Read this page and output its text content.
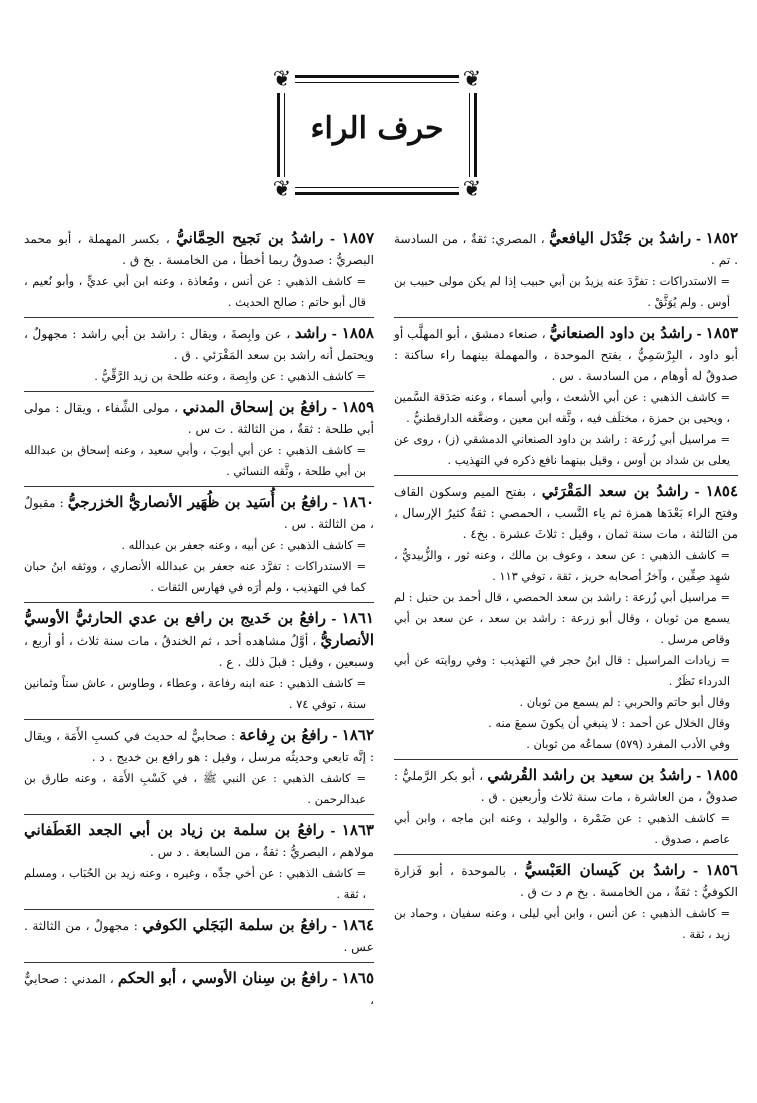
❦	❦
❦	❦
حرف الراء
١٨٥٢ - راشدُ بن جَنْدَل اليافعيُّ ، المصري: ثقةٌ ، من السادسة . تم .
= الاستدراكات : تفرَّدَ عنه يزيدُ بن أبي حبيب إذا لم يكن مولى حبيب بن أوس . ولم يُوَثَّقْ .
١٨٥٣ - راشدُ بن داود الصنعانيُّ ، صنعاء دمشق ، أبو المهلَّب أو أبو داود ، البِرْسَمِيُّ ، بفتح الموحدة ، والمهملة بينهما راء ساكنة : صدوقٌ له أوهام ، من السادسة . س .
= كاشف الذهبي : عن أبي الأشعث ، وأبي أسماء ، وعنه صَدَقة السَّمين ، ويحيى بن حمزة ، مختلَف فيه ، وثَّقه ابن معين ، وضعَّفه الدارقطنيُّ .
= مراسيل أبي زُرعة : راشد بن داود الصنعاني الدمشقي (ز) ، روى عن يعلى بن شداد بن أوس ، وقيل بينهما نافع ذكره في التهذيب .
١٨٥٤ - راشدُ بن سعد المَقْرَئي ، بفتح الميم وسكون القاف وفتح الراء بَعْدَها همزة ثم ياء النَّسب ، الحمصي : ثقةٌ كثيرُ الإرسال ، من الثالثة ، مات سنة ثمان ، وقيل : ثلاثَ عشرة . بخ٤ .
= كاشف الذهبي : عن سعد ، وعوف بن مالك ، وعنه ثور ، والزُّبيديُّ ، شهِد صِفِّين ، وآخرُ أصحابه حريز ، ثقة ، توفي ١١٣ .
= مراسيل أبي زُرعة : راشد بن سعد الحمصي ، قال أحمد بن حنبل : لم يسمع من ثوبان ، وقال أبو زرعة : راشد بن سعد ، عن سعد بن أبي وقاص مرسل .
= زيادات المراسيل : قال ابنُ حجر في التهذيب : وفي روايته عن أبي الدرداء نَظَرٌ .
وقال أبو حاتم والحربي : لم يسمع من ثوبان .
وقال الخلال عن أحمد : لا ينبغي أن يكونَ سمعَ منه .
وفي الأدب المفرد (٥٧٩) سماعُه من ثوبان .
١٨٥٥ - راشدُ بن سعيد بن راشد القُرشي ، أبو بكر الرَّمليُّ : صدوقٌ ، من العاشرة ، مات سنة ثلاث وأربعين . ق .
= كاشف الذهبي : عن ضَمْرة ، والوليد ، وعنه ابن ماجه ، وابن أبي عاصم ، صدوق .
١٨٥٦ - راشدُ بن كَيسان العَبْسيُّ ، بالموحدة ، أبو فَزارة الكوفيُّ : ثقةٌ ، من الخامسة . بخ م د ت ق .
= كاشف الذهبي : عن أنس ، وابن أبي ليلى ، وعنه سفيان ، وحماد بن زيد ، ثقة .
١٨٥٧ - راشدُ بن نَجيح الحِمَّانيُّ ، بكسر المهملة ، أبو محمد البصريُّ : صدوقٌ ربما أخطأ ، من الخامسة . بخ ق .
= كاشف الذهبي : عن أنس ، ومُعاذة ، وعنه ابن أبي عديٍّ ، وأبو نُعيم ، قال أبو حاتم : صالح الحديث .
١٨٥٨ - راشد ، عن وابِصةَ ، ويقال : راشد بن أبي راشد : مجهولٌ ، ويحتمل أنه راشد بن سعد المَقْرَئي . ق .
= كاشف الذهبي : عن وابِصة ، وعنه طلحة بن زيد الرَّقِّيُّ .
١٨٥٩ - رافعُ بن إسحاق المدني ، مولى الشِّفاء ، ويقال : مولى أبي طلحة : ثقةٌ ، من الثالثة . ت س .
= كاشف الذهبي : عن أبي أيوبَ ، وأبي سعيد ، وعنه إسحاق بن عبدالله بن أبي طلحة ، وثَّقه النسائي .
١٨٦٠ - رافعُ بن أُسَيد بن ظُهَير الأنصاريُّ الخزرجيُّ : مقبولٌ ، من الثالثة . س .
= كاشف الذهبي : عن أبيه ، وعنه جعفر بن عبدالله .
= الاستدراكات : تفرَّد عنه جعفر بن عبدالله الأنصاري ، ووثقه ابنُ حبان كما في التهذيب ، ولم أرَه في فهارس الثقات .
١٨٦١ - رافعُ بن خَديج بن رافع بن عدي الحارثيُّ الأوسيُّ الأنصاريُّ ، أوَّلُ مشاهده أحد ، ثم الخندقُ ، مات سنة ثلاث ، أو أربع ، وسبعين ، وقيل : قبلَ ذلك . ع .
= كاشف الذهبي : عنه ابنه رفاعة ، وعطاء ، وطاوس ، عاش ستاً وثمانين سنة ، توفي ٧٤ .
١٨٦٢ - رافعُ بن رِفاعة : صحابيٌّ له حديث في كسبِ الأَمَة ، ويقال : إنَّه تابعي وحديثُه مرسل ، وقيل : هو رافع بن خديج . د .
= كاشف الذهبي : عن النبي ﷺ ، في كَسْبِ الأَمَة ، وعنه طارق بن عبدالرحمن .
١٨٦٣ - رافعُ بن سلمة بن زياد بن أبي الجعد الغَطَفاني مولاهم ، البصريُّ : ثقةٌ ، من السابعة . د س .
= كاشف الذهبي : عن أخي جدِّه ، وغيره ، وعنه زيد بن الحُبَاب ، ومسلم ، ثقة .
١٨٦٤ - رافعُ بن سلمة البَجَلي الكوفي : مجهولٌ ، من الثالثة . عس .
١٨٦٥ - رافعُ بن سِنان الأوسي ، أبو الحكم ، المدني : صحابيٌّ ،
